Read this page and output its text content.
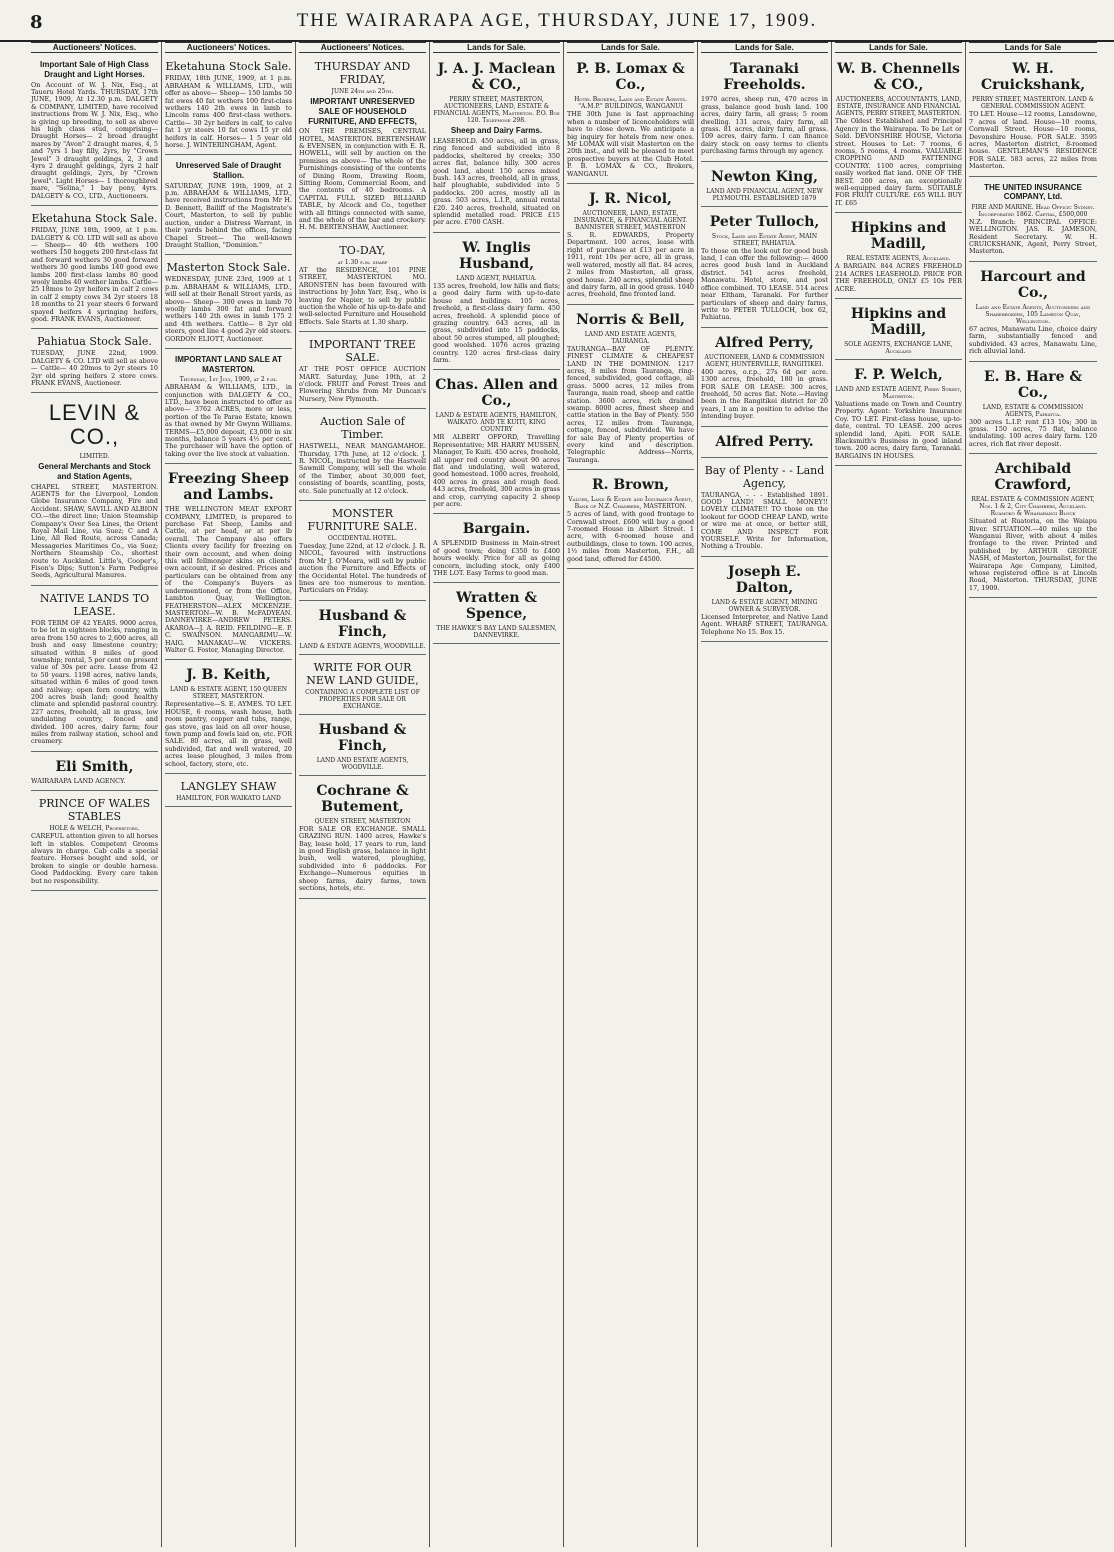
8	THE WAIRARAPA AGE, THURSDAY, JUNE 17, 1909.
Auctioneers' Notices.
Important Sale of High Class Draught and Light Horses.
On Account of W. J. Nix, Esq., at Taueru Hotel Yards. THURSDAY, 17th JUNE, 1909, At 12.30 p.m. DALGETY & COMPANY, LIMITED, have received instructions from W. J. Nix, Esq., who is giving up breeding, to sell as above his high class stud, comprising— Draught Horses— 2 broad draught mares by "Avon" 2 draught mares, 4, 5 and 7yrs 1 bay filly, 2yrs, by "Crown Jewel" 3 draught geldings, 2, 3 and 4yrs 2 draught geldings, 2yrs 2 half draught geldings, 2yrs, by "Crown Jewel". Light Horses— 1 thoroughbred mare, "Selina," 1 bay pony, 4yrs. DALGETY & CO., LTD., Auctioneers.
Eketahuna Stock Sale.
FRIDAY, JUNE 18th, 1909, at 1 p.m. DALGETY & CO. LTD will sell as above— Sheep— 40 4th wethers 100 wethers 150 hoggets 200 first-class fat and forward wethers 30 good forward wethers 30 good lambs 140 good ewe lambs 200 first-class lambs 80 good wooly lambs 40 wether lambs. Cattle— 25 18mos to 2yr heifers in calf 2 cows in calf 2 empty cows 34 2yr steers 18 18 months to 21 year steers 6 forward spayed heifers 4 springing heifers, good. FRANK EVANS, Auctioneer.
Pahiatua Stock Sale.
TUESDAY, JUNE 22nd, 1909. DALGETY & CO. LTD will sell as above— Cattle— 40 20mos to 2yr steers 10 2yr old spring heifers 2 store cows. FRANK EVANS, Auctioneer.
LEVIN & CO.,
LIMITED.
General Merchants and Stock and Station Agents,
CHAPEL STREET, MASTERTON. AGENTS for the Liverpool, London Globe Insurance Company, Fire and Accident. SHAW, SAVILL AND ALBION CO.—the direct line; Union Steamship Company's Over Sea Lines, the Orient Royal Mail Line, via Suez; C and A Line, All Red Route, across Canada; Messageries Maritimes Co., via Suez; Northern Steamship Co., shortest route to Auckland. Little's, Cooper's, Fison's Dips; Sutton's Farm Pedigree Seeds, Agricultural Manures.
NATIVE LANDS TO LEASE.
FOR TERM OF 42 YEARS. 9000 acres, to be let in eighteen blocks, ranging in area from 150 acres to 2,600 acres, all bush and easy limestone country; situated within 8 miles of good township; rental, 5 per cent on present value of 30s per acre. Lease from 42 to 50 years. 1198 acres, native lands, situated within 6 miles of good town and railway; open fern country, with 200 acres bush land; good healthy climate and splendid pastoral country. 227 acres, freehold, all in grass, low undulating country, fenced and divided. 100 acres, dairy farm; four miles from railway station, school and creamery.
Eli Smith,
WAIRARAPA LAND AGENCY.
PRINCE OF WALES STABLES
HOLE & WELCH, Proprietors.
CAREFUL attention given to all horses left in stables. Competent Grooms always in charge. Cab calls a special feature. Horses bought and sold, or broken to single or double harness. Good Paddocking. Every care taken but no responsibility.
Auctioneers' Notices.
Eketahuna Stock Sale.
FRIDAY, 18th JUNE, 1909, at 1 p.m. ABRAHAM & WILLIAMS, LTD., will offer as above— Sheep— 150 lambs 50 fat ewes 40 fat wethers 100 first-class wethers 140 2th ewes in lamb to Lincoln rams 400 first-class wethers. Cattle— 30 2yr heifers in calf, to calve fat 1 yr steers 10 fat cows 15 yr old heifers in calf. Horses— 1 5 year old horse. J. WINTERINGHAM, Agent.
Unreserved Sale of Draught Stallion.
SATURDAY, JUNE 19th, 1909, at 2 p.m. ABRAHAM & WILLIAMS, LTD., have received instructions from Mr H. D. Bennett, Bailiff of the Magistrate's Court, Masterton, to sell by public auction, under a Distress Warrant, in their yards behind the offices, facing Chapel Street— The well-known Draught Stallion, "Dominion."
Masterton Stock Sale.
WEDNESDAY, JUNE 23rd, 1909 at 1 p.m. ABRAHAM & WILLIAMS, LTD., will sell at their Renall Street yards, as above— Sheep— 300 ewes in lamb 70 woolly lambs 300 fat and forward wethers 140 2th ewes in lamb 175 2 and 4th wethers. Cattle— 8 2yr old steers, good line 4 good 2yr old steers. GORDON ELIOTT, Auctioneer.
IMPORTANT LAND SALE AT MASTERTON.
Thursday, 1st July, 1909, at 2 p.m.
ABRAHAM & WILLIAMS, LTD., in conjunction with DALGETY & CO., LTD., have been instructed to offer as above— 3762 ACRES, more or less, portion of the Te Parae Estate, known as that owned by Mr Gwynn Williams. TERMS—£5,000 deposit, £3,000 in six months, balance 5 years 4½ per cent. The purchaser will have the option of taking over the live stock at valuation.
Freezing Sheep and Lambs.
THE WELLINGTON MEAT EXPORT COMPANY, LIMITED, is prepared to purchase Fat Sheep, Lambs and Cattle, at per head, or at per lb overall. The Company also offers Clients every facility for freezing on their own account, and when doing this will fellmonger skins on clients' own account, if so desired. Prices and particulars can be obtained from any of the Company's Buyers as undermentioned, or from the Office, Lambton Quay, Wellington. FEATHERSTON—ALEX MCKENZIE. MASTERTON—W. B. McFADYEAN. DANNEVIRKE—ANDREW PETERS. AKAROA—J. A. REID. FEILDING—E. P. C. SWAINSON. MANGARIMU—W. HAIG. MANAKAU—W. VICKERS. Walter G. Foster, Managing Director.
J. B. Keith,
LAND & ESTATE AGENT, 150 QUEEN STREET, MASTERTON.
Representative—S. E. AYMES. TO LET. HOUSE, 6 rooms, wash house, bath room pantry, copper and tubs, range, gas stove, gas laid on all over house, town pump and fowls laid on, etc. FOR SALE. 80 acres, all in grass, well subdivided, flat and well watered, 20 acres lease ploughed, 3 miles from school, factory, store, etc.
LANGLEY SHAW
HAMILTON, FOR WAIKATO LAND
Auctioneers' Notices.
THURSDAY AND FRIDAY,
JUNE 24th and 25th.
IMPORTANT UNRESERVED SALE OF HOUSEHOLD FURNITURE, AND EFFECTS,
ON THE PREMISES, CENTRAL HOTEL, MASTERTON. BERTENSHAW & EVENSEN, in conjunction with E. R. HOWELL, will sell by auction on the premises as above— The whole of the Furnishings consisting of the contents of Dining Room, Drawing Room, Sitting Room, Commercial Room, and the contents of 40 bedrooms. A CAPITAL FULL SIZED BILLIARD TABLE, by Alcock and Co., together with all fittings connected with same, and the whole of the bar and crockery. H. M. BERTENSHAW, Auctioneer.
TO-DAY,
at 1.30 p.m. sharp
AT the RESIDENCE, 101 PINE STREET, MASTERTON. MO. ARONSTEN has been favoured with instructions by John Yarr, Esq., who is leaving for Napier, to sell by public auction the whole of his up-to-date and well-selected Furniture and Household Effects. Sale Starts at 1.30 sharp.
IMPORTANT TREE SALE.
AT THE POST OFFICE AUCTION MART. Saturday, June 19th, at 2 o'clock. FRUIT and Forest Trees and Flowering Shrubs from Mr Duncan's Nursery, New Plymouth.
Auction Sale of Timber.
HASTWELL, NEAR MANGAMAHOE. Thursday, 17th June, at 12 o'clock. J. R. NICOL, instructed by the Hastwell Sawmill Company, will sell the whole of the Timber, about 30,000 feet, consisting of boards, scantling, posts, etc. Sale punctually at 12 o'clock.
MONSTER FURNITURE SALE.
OCCIDENTAL HOTEL.
Tuesday, June 22nd, at 12 o'clock. J. R. NICOL, favoured with instructions from Mr J. O'Meara, will sell by public auction the Furniture and Effects of the Occidental Hotel. The hundreds of lines are too numerous to mention. Particulars on Friday.
Husband & Finch,
LAND & ESTATE AGENTS, WOODVILLE.
WRITE FOR OUR NEW LAND GUIDE,
CONTAINING A COMPLETE LIST OF PROPERTIES FOR SALE OR EXCHANGE.
Husband & Finch,
LAND AND ESTATE AGENTS, WOODVILLE.
Cochrane & Butement,
QUEEN STREET, MASTERTON
FOR SALE OR EXCHANGE. SMALL GRAZING RUN. 1400 acres, Hawke's Bay, lease hold, 17 years to run, land in good English grass, balance in light bush, well watered, ploughing, subdivided into 6 paddocks. For Exchange—Numerous equities in sheep farms, dairy farms, town sections, hotels, etc.
Lands for Sale.
J. A. J. Maclean & CO.,
PERRY STREET, MASTERTON, AUCTIONEERS, LAND, ESTATE & FINANCIAL AGENTS, Masterton. P.O. Box 120. Telephone 298.
Sheep and Dairy Farms.
LEASEHOLD. 450 acres, all in grass, ring fenced and subdivided into 8 paddocks, sheltered by creeks; 350 acres flat, balance hilly. 300 acres good land, about 150 acres mixed bush. 143 acres, freehold, all in grass, half ploughable, subdivided into 5 paddocks. 200 acres, mostly all in grass. 503 acres, L.I.P., annual rental £20. 240 acres, freehold, situated on splendid metalled road. PRICE £15 per acre. £700 CASH.
W. Inglis Husband,
LAND AGENT, PAHIATUA.
135 acres, freehold, low hills and flats; a good dairy farm with up-to-date house and buildings. 105 acres, freehold, a first-class dairy farm. 450 acres, freehold. A splendid piece of grazing country. 643 acres, all in grass, subdivided into 15 paddocks, about 50 acres stumped, all ploughed; good woolshed. 1076 acres grazing country. 120 acres first-class dairy farm.
Chas. Allen and Co.,
LAND & ESTATE AGENTS, HAMILTON, WAIKATO. AND TE KUITI, KING COUNTRY
MR ALBERT OFFORD, Travelling Representative; MR HARRY MUSSEN, Manager, Te Kuiti. 450 acres, freehold, all upper red country about 90 acres flat and undulating, well watered, good homestead. 1000 acres, freehold, 400 acres in grass and rough feed. 443 acres, freehold, 300 acres in grass and crop, carrying capacity 2 sheep per acre.
Bargain.
A SPLENDID Business in Main-street of good town; doing £350 to £400 hours weekly. Price for all as going concern, including stock, only £400 THE LOT. Easy Terms to good man.
Wratten & Spence,
THE HAWKE'S BAY LAND SALESMEN, DANNEVIRKE.
Lands for Sale.
P. B. Lomax & Co.,
Hotel Brokers, Land and Estate Agents. "A.M.P." BUILDINGS, WANGANUI
THE 30th June is fast approaching when a number of licenceholders will have to close down. We anticipate a big inquiry for hotels from new ones. Mr LOMAX will visit Masterton on the 20th inst., and will be pleased to meet prospective buyers at the Club Hotel. P. B. LOMAX & CO., Brokers, WANGANUI.
J. R. Nicol,
AUCTIONEER, LAND, ESTATE, INSURANCE, & FINANCIAL AGENT. BANNISTER STREET, MASTERTON
S. R. EDWARDS, Property Department. 100 acres, lease with right of purchase at £13 per acre in 1911, rent 10s per acre, all in grass, well watered, mostly all flat. 84 acres, 2 miles from Masterton, all grass, good house. 240 acres, splendid sheep and dairy farm, all in good grass. 1040 acres, freehold, fine fronted land.
Norris & Bell,
LAND AND ESTATE AGENTS, TAURANGA.
TAURANGA—BAY OF PLENTY. FINEST CLIMATE & CHEAPEST LAND IN THE DOMINION. 1217 acres, 8 miles from Tauranga, ring-fenced, subdivided, good cottage, all grass. 5000 acres, 12 miles from Tauranga, main road, sheep and cattle station. 3600 acres, rich drained swamp. 8000 acres, finest sheep and cattle station in the Bay of Plenty. 550 acres, 12 miles from Tauranga, cottage, fenced, subdivided. We have for sale Bay of Plenty properties of every kind and description. Telegraphic Address—Norris, Tauranga.
R. Brown,
Valuer, Land & Estate and Insurance Agent, Bank of N.Z. Chambers, MASTERTON.
5 acres of land, with good frontage to Cornwall street. £600 will buy a good 7-roomed House in Albert Street. 1 acre, with 6-roomed house and outbuildings, close to town. 100 acres, 1½ miles from Masterton, F.H., all good land, offered for £4500.
Lands for Sale.
Taranaki Freeholds.
1970 acres, sheep run, 470 acres in grass, balance good bush land. 100 acres, dairy farm, all grass; 5 room dwelling. 131 acres, dairy farm, all grass. 81 acres, dairy farm, all grass. 109 acres, dairy farm. I can finance dairy stock on easy terms to clients purchasing farms through my agency.
Newton King,
LAND AND FINANCIAL AGENT, NEW PLYMOUTH. ESTABLISHED 1879
Peter Tulloch,
Stock, Land and Estate Agent, MAIN STREET, PAHIATUA.
To those on the look out for good bush land, I can offer the following:— 4600 acres good bush land in Auckland district. 541 acres freehold, Manawatu. Hotel, store, and post office combined. TO LEASE. 514 acres near Eltham, Taranaki. For further particulars of sheep and dairy farms, write to PETER TULLOCH, box 62, Pahiatua.
Alfred Perry,
AUCTIONEER, LAND & COMMISSION AGENT, HUNTERVILLE, RANGITIKEI.
400 acres, o.r.p., 27s 6d per acre. 1300 acres, freehold, 180 in grass. FOR SALE OR LEASE: 300 acres, freehold, 50 acres flat. Note.—Having been in the Rangitikei district for 20 years, I am in a position to advise the intending buyer.
Alfred Perry.
Bay of Plenty - - Land Agency,
TAURANGA, - - - Established 1891. GOOD LAND! SMALL MONEY!! LOVELY CLIMATE!! TO those on the lookout for GOOD CHEAP LAND, write or wire me at once, or better still, COME AND INSPECT FOR YOURSELF. Write for Information, Nothing a Trouble.
Joseph E. Dalton,
LAND & ESTATE AGENT, MINING OWNER & SURVEYOR.
Licensed Interpreter, and Native Land Agent. WHARF STREET, TAURANGA. Telephone No 15. Box 15.
Lands for Sale.
W. B. Chennells & CO.,
AUCTIONEERS, ACCOUNTANTS, LAND, ESTATE, INSURANCE AND FINANCIAL AGENTS, PERRY STREET, MASTERTON.
The Oldest Established and Principal Agency in the Wairarapa. To be Let or Sold. DEVONSHIRE HOUSE, Victoria street. Houses to Let: 7 rooms, 6 rooms, 5 rooms, 4 rooms. VALUABLE CROPPING AND FATTENING COUNTRY. 1100 acres, comprising easily worked flat land. ONE OF THE BEST. 200 acres, an exceptionally well-equipped dairy farm. SUITABLE FOR FRUIT CULTURE. £65 WILL BUY IT. £65
Hipkins and Madill,
REAL ESTATE AGENTS, Auckland.
A BARGAIN. 844 ACRES FREEHOLD 214 ACRES LEASEHOLD. PRICE FOR THE FREEHOLD, ONLY £5 10s PER ACRE.
Hipkins and Madill,
SOLE AGENTS, EXCHANGE LANE, Auckland
F. P. Welch,
LAND AND ESTATE AGENT, Perry Street, Masterton.
Valuations made on Town and Country Property. Agent: Yorkshire Insurance Coy. TO LET. First-class house, up-to-date, central. TO LEASE. 200 acres splendid land, Apiti. FOR SALE. Blacksmith's Business in good inland town. 200 acres, dairy farm, Taranaki. BARGAINS IN HOUSES.
Lands for Sale
W. H. Cruickshank,
PERRY STREET, MASTERTON. LAND & GENERAL COMMISSION AGENT.
TO LET. House—12 rooms, Lansdowne, 7 acres of land. House—10 rooms, Cornwall Street. House—10 rooms, Devonshire House. FOR SALE. 3595 acres, Masterton district, 8-roomed house. GENTLEMAN'S RESIDENCE FOR SALE. 583 acres, 22 miles from Masterton.
THE UNITED INSURANCE COMPANY, Ltd.
FIRE AND MARINE. Head Office: Sydney. Incorporated 1862. Capital, £500,000
N.Z. Branch: PRINCIPAL OFFICE: WELLINGTON. JAS. R. JAMESON, Resident Secretary. W. H. CRUICKSHANK, Agent, Perry Street, Masterton.
Harcourt and Co.,
Land and Estate Agents, Auctioneers and Sharebrokers, 105 Lambton Quay, Wellington.
67 acres, Manawatu Line, choice dairy farm, substantially fenced and subdivided. 43 acres, Manawatu Line, rich alluvial land.
E. B. Hare & Co.,
LAND, ESTATE & COMMISSION AGENTS, Pahiatua.
300 acres L.I.P. rent £13 10s; 300 in grass. 150 acres, 75 flat, balance undulating. 100 acres dairy farm. 120 acres, rich flat river deposit.
Archibald Crawford,
REAL ESTATE & COMMISSION AGENT, Nos. 1 & 2, City Chambers, Auckland. Ruamoko & Whaharangi Block
Situated at Ruatoria, on the Waiapu River. SITUATION.—40 miles up the Wanganui River, with about 4 miles frontage to the river. Printed and published by ARTHUR GEORGE NASH, of Masterton, Journalist, for the Wairarapa Age Company, Limited, whose registered office is at Lincoln Road, Masterton. THURSDAY, JUNE 17, 1909.
